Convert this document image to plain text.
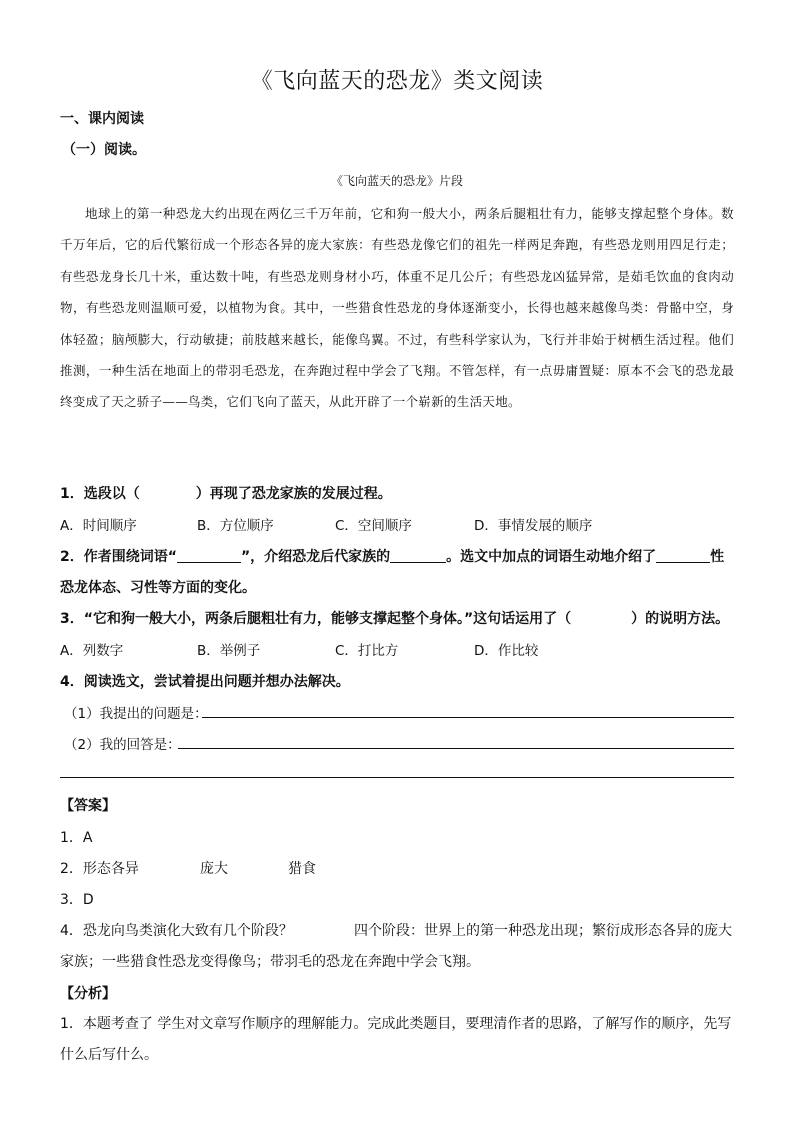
《飞向蓝天的恐龙》类文阅读
一、课内阅读
（一）阅读。
《飞向蓝天的恐龙》片段
地球上的第一种恐龙大约出现在两亿三千万年前，它和狗一般大小，两条后腿粗壮有力，能够支撑起整个身体。数千万年后，它的后代繁衍成一个形态各异的庞大家族：有些恐龙像它们的祖先一样两足奔跑，有些恐龙则用四足行走；有些恐龙身长几十米，重达数十吨，有些恐龙则身材小巧，体重不足几公斤；有些恐龙凶猛异常，是茹毛饮血的食肉动物，有些恐龙则温顺可爱，以植物为食。其中，一些猎食性恐龙的身体逐渐变小，长得也越来越像鸟类：骨骼中空，身体轻盈；脑颅膨大，行动敏捷；前肢越来越长，能像鸟翼。不过，有些科学家认为，飞行并非始于树栖生活过程。他们推测，一种生活在地面上的带羽毛恐龙，在奔跑过程中学会了飞翔。不管怎样，有一点毋庸置疑：原本不会飞的恐龙最终变成了天之骄子——鸟类，它们飞向了蓝天，从此开辟了一个崭新的生活天地。
1．选段以（	）再现了恐龙家族的发展过程。
A．时间顺序	B．方位顺序	C．空间顺序	D．事情发展的顺序
2．作者围绕词语“	”，介绍恐龙后代家族的	。选文中加点的词语生动地介绍了	性
恐龙体态、习性等方面的变化。
3．“它和狗一般大小，两条后腿粗壮有力，能够支撑起整个身体。”这句话运用了（	）的说明方法。
A．列数字	B．举例子	C．打比方	D．作比较
4．阅读选文，尝试着提出问题并想办法解决。
（1）我提出的问题是：
（2）我的回答是：
【答案】
1．A
2．形态各异	庞大	猎食
3．D
4．恐龙向鸟类演化大致有几个阶段？	四个阶段：世界上的第一种恐龙出现；繁衍成形态各异的庞大
家族；一些猎食性恐龙变得像鸟；带羽毛的恐龙在奔跑中学会飞翔。
【分析】
1．本题考查了 学生对文章写作顺序的理解能力。完成此类题目，要理清作者的思路，了解写作的顺序，先写什么后写什么。
